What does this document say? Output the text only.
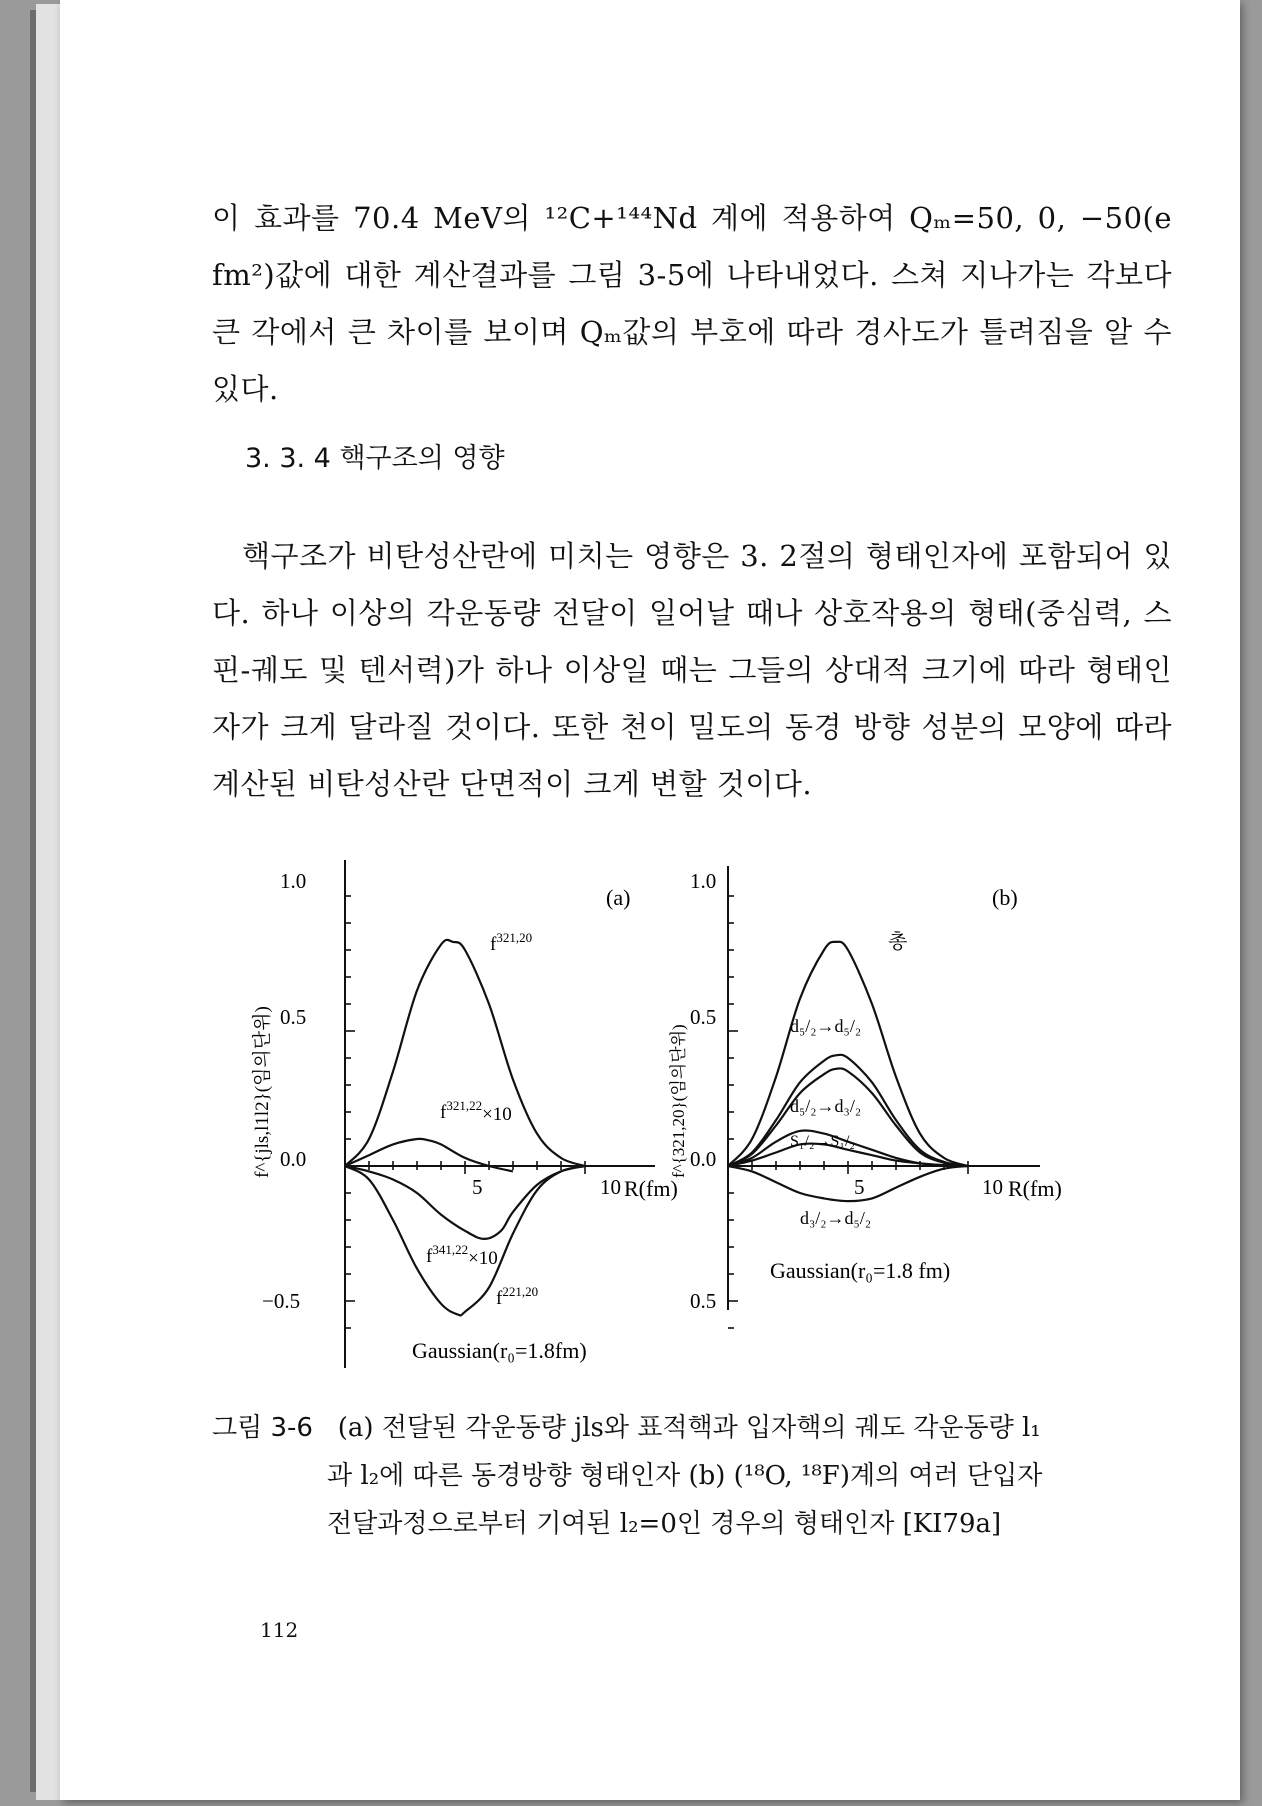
이 효과를 70.4 MeV의 ¹²C+¹⁴⁴Nd 계에 적용하여 Qₘ=50, 0, −50(e fm²)값에 대한 계산결과를 그림 3-5에 나타내었다. 스쳐 지나가는 각보다 큰 각에서 큰 차이를 보이며 Qₘ값의 부호에 따라 경사도가 틀려짐을 알 수 있다.
3. 3. 4 핵구조의 영향
핵구조가 비탄성산란에 미치는 영향은 3. 2절의 형태인자에 포함되어 있다. 하나 이상의 각운동량 전달이 일어날 때나 상호작용의 형태(중심력, 스핀-궤도 및 텐서력)가 하나 이상일 때는 그들의 상대적 크기에 따라 형태인자가 크게 달라질 것이다. 또한 천이 밀도의 동경 방향 성분의 모양에 따라 계산된 비탄성산란 단면적이 크게 변할 것이다.
1.0
0.5
0.0
−0.5
5	10 R(fm)
(a)
f^{jls,l1l2}(임의단위)
$f^{321,20}$
$f^{321,22}\times 10$
$f^{341,22}\times 10$
$f^{221,20}$
Gaussian(r₀=1.8fm)
1.0
0.5
0.0
0.5
5	10 R(fm)
(b)
f^{321,20}(임의단위)
총
d₅/₂→d₅/₂
d₅/₂→d₃/₂
S₁/₂→S₁/₂
d₃/₂→d₅/₂
Gaussian(r₀=1.8 fm)
그림 3-6 (a) 전달된 각운동량 jls와 표적핵과 입자핵의 궤도 각운동량 l₁
과 l₂에 따른 동경방향 형태인자 (b) (¹⁸O, ¹⁸F)계의 여러 단입자
전달과정으로부터 기여된 l₂=0인 경우의 형태인자 [KI79a]
112
